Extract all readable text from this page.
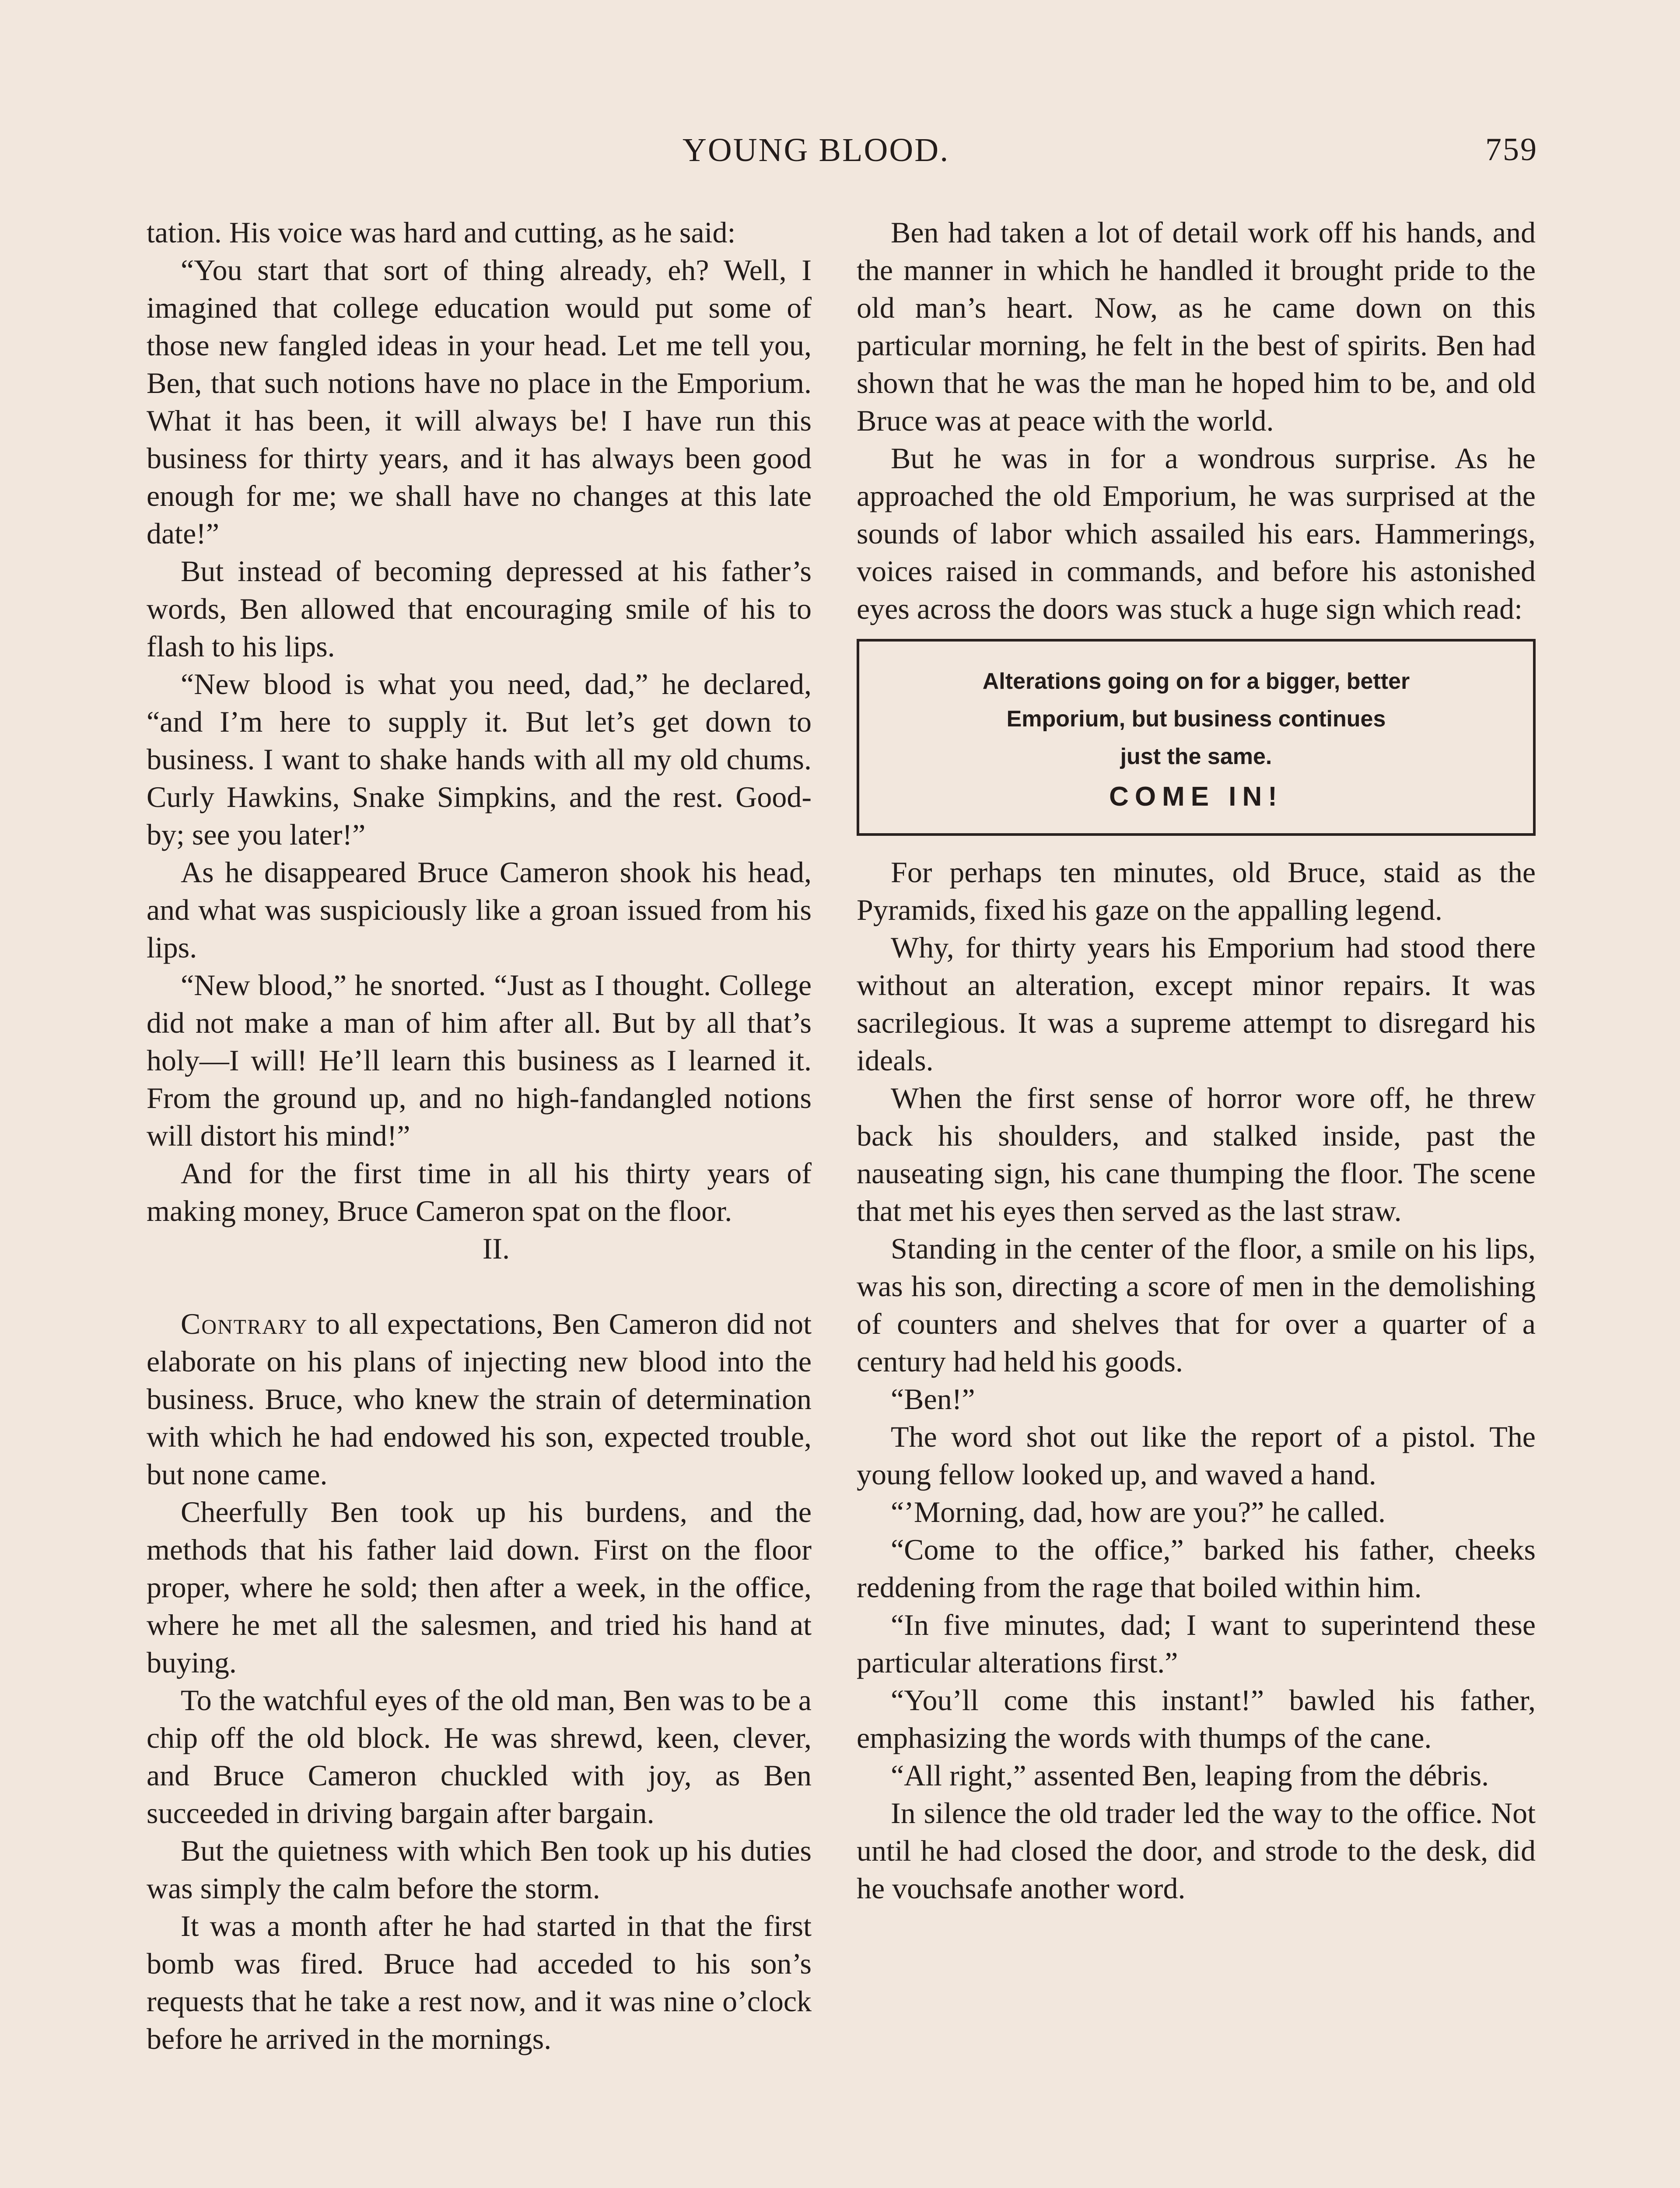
YOUNG BLOOD.	759

tation. His voice was hard and cutting, as he said:

“You start that sort of thing already, eh? Well, I imagined that college education would put some of those new fangled ideas in your head. Let me tell you, Ben, that such notions have no place in the Emporium. What it has been, it will always be! I have run this business for thirty years, and it has always been good enough for me; we shall have no changes at this late date!”

But instead of becoming depressed at his father’s words, Ben allowed that encouraging smile of his to flash to his lips.

“New blood is what you need, dad,” he declared, “and I’m here to supply it. But let’s get down to business. I want to shake hands with all my old chums. Curly Hawkins, Snake Simpkins, and the rest. Good-by; see you later!”

As he disappeared Bruce Cameron shook his head, and what was suspiciously like a groan issued from his lips.

“New blood,” he snorted. “Just as I thought. College did not make a man of him after all. But by all that’s holy—I will! He’ll learn this business as I learned it. From the ground up, and no high-fandangled notions will distort his mind!”

And for the first time in all his thirty years of making money, Bruce Cameron spat on the floor.

II.

Contrary to all expectations, Ben Cameron did not elaborate on his plans of injecting new blood into the business. Bruce, who knew the strain of determination with which he had endowed his son, expected trouble, but none came.

Cheerfully Ben took up his burdens, and the methods that his father laid down. First on the floor proper, where he sold; then after a week, in the office, where he met all the salesmen, and tried his hand at buying.

To the watchful eyes of the old man, Ben was to be a chip off the old block. He was shrewd, keen, clever, and Bruce Cameron chuckled with joy, as Ben succeeded in driving bargain after bargain.

But the quietness with which Ben took up his duties was simply the calm before the storm.

It was a month after he had started in that the first bomb was fired. Bruce had acceded to his son’s requests that he take a rest now, and it was nine o’clock before he arrived in the mornings.

Ben had taken a lot of detail work off his hands, and the manner in which he handled it brought pride to the old man’s heart. Now, as he came down on this particular morning, he felt in the best of spirits. Ben had shown that he was the man he hoped him to be, and old Bruce was at peace with the world.

But he was in for a wondrous surprise. As he approached the old Emporium, he was surprised at the sounds of labor which assailed his ears. Hammerings, voices raised in commands, and before his astonished eyes across the doors was stuck a huge sign which read:

Alterations going on for a bigger, better
Emporium, but business continues
just the same.
COME IN!

For perhaps ten minutes, old Bruce, staid as the Pyramids, fixed his gaze on the appalling legend.

Why, for thirty years his Emporium had stood there without an alteration, except minor repairs. It was sacrilegious. It was a supreme attempt to disregard his ideals.

When the first sense of horror wore off, he threw back his shoulders, and stalked inside, past the nauseating sign, his cane thumping the floor. The scene that met his eyes then served as the last straw.

Standing in the center of the floor, a smile on his lips, was his son, directing a score of men in the demolishing of counters and shelves that for over a quarter of a century had held his goods.

“Ben!”

The word shot out like the report of a pistol. The young fellow looked up, and waved a hand.

“’Morning, dad, how are you?” he called.

“Come to the office,” barked his father, cheeks reddening from the rage that boiled within him.

“In five minutes, dad; I want to superintend these particular alterations first.”

“You’ll come this instant!” bawled his father, emphasizing the words with thumps of the cane.

“All right,” assented Ben, leaping from the débris.

In silence the old trader led the way to the office. Not until he had closed the door, and strode to the desk, did he vouchsafe another word.
